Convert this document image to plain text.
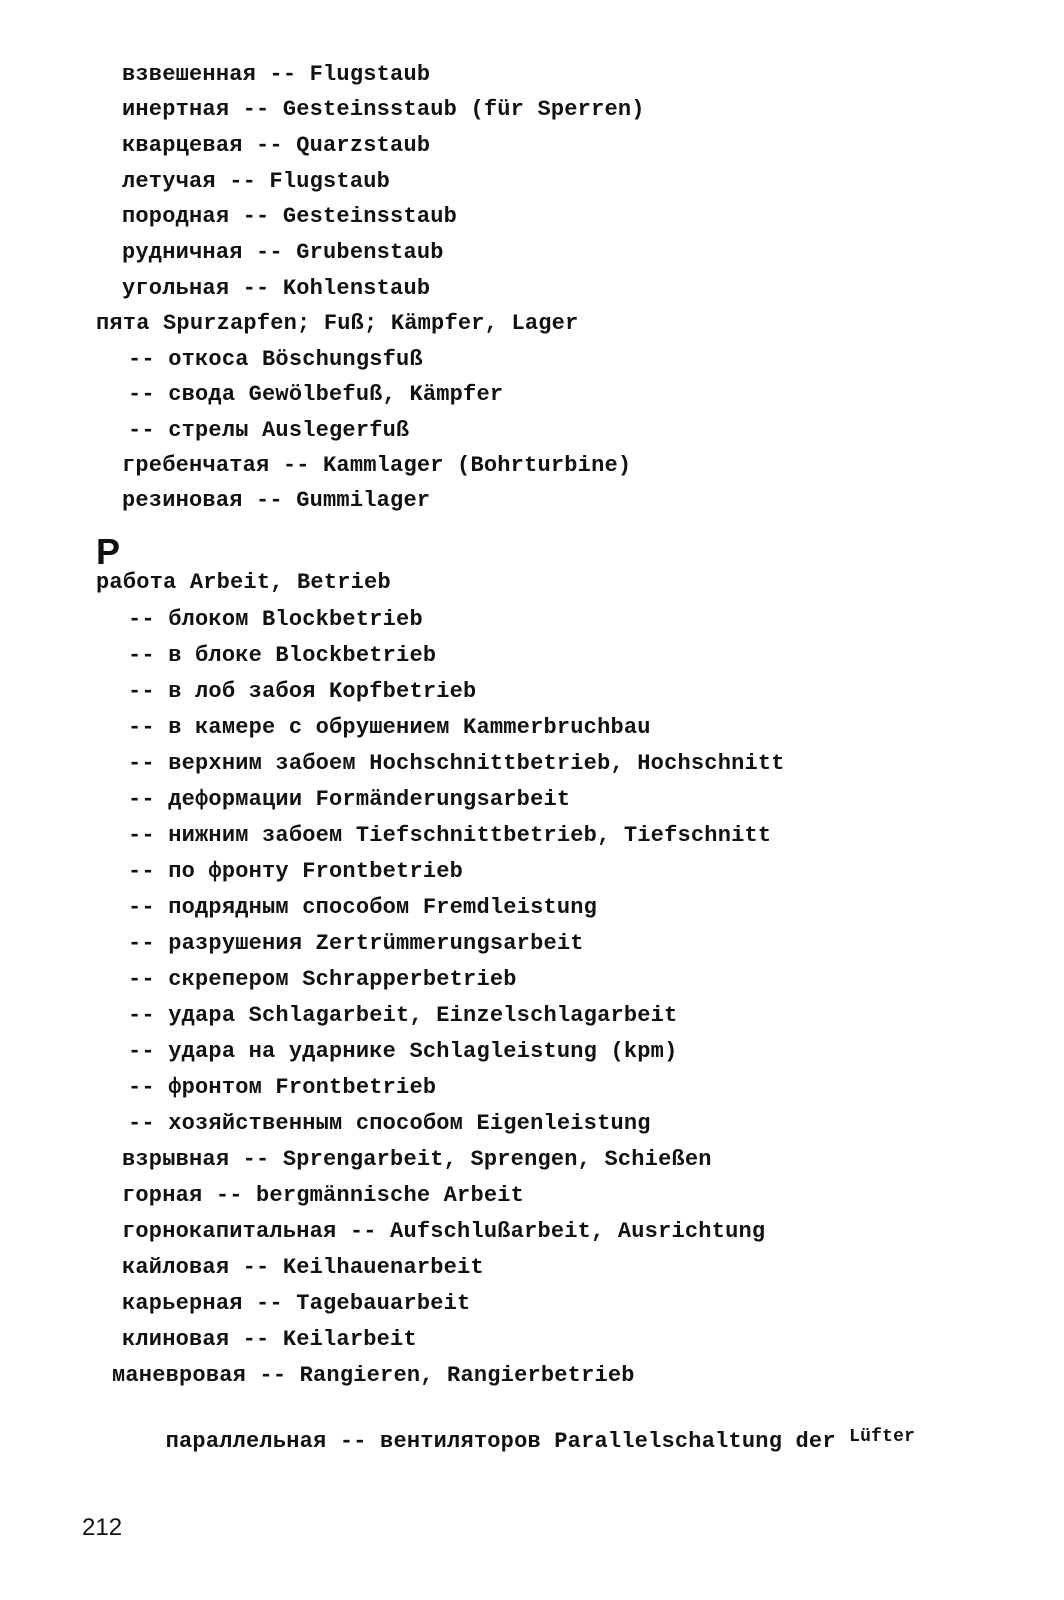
взвешенная -- Flugstaub
инертная -- Gesteinsstaub (für Sperren)
кварцевая -- Quarzstaub
летучая -- Flugstaub
породная -- Gesteinsstaub
рудничная -- Grubenstaub
угольная -- Kohlenstaub
пята Spurzapfen; Fuß; Kämpfer, Lager
-- откоса Böschungsfuß
-- свода Gewölbefuß, Kämpfer
-- стрелы Auslegerfuß
гребенчатая -- Kammlager (Bohrturbine)
резиновая -- Gummilager
Р
работа Arbeit, Betrieb
-- блоком Blockbetrieb
-- в блоке Blockbetrieb
-- в лоб забоя Kopfbetrieb
-- в камере с обрушением Kammerbruchbau
-- верхним забоем Hochschnittbetrieb, Hochschnitt
-- деформации Formänderungsarbeit
-- нижним забоем Tiefschnittbetrieb, Tiefschnitt
-- по фронту Frontbetrieb
-- подрядным способом Fremdleistung
-- разрушения Zertrümmerungsarbeit
-- скрепером Schrapperbetrieb
-- удара Schlagarbeit, Einzelschlagarbeit
-- удара на ударнике Schlagleistung (kpm)
-- фронтом Frontbetrieb
-- хозяйственным способом Eigenleistung
взрывная -- Sprengarbeit, Sprengen, Schießen
горная -- bergmännische Arbeit
горнокапитальная -- Aufschlußarbeit, Ausrichtung
кайловая -- Keilhauenarbeit
карьерная -- Tagebauarbeit
клиновая -- Keilarbeit
маневровая -- Rangieren, Rangierbetrieb

параллельная -- вентиляторов Parallelschaltung der $^{Lüfter}$

212
